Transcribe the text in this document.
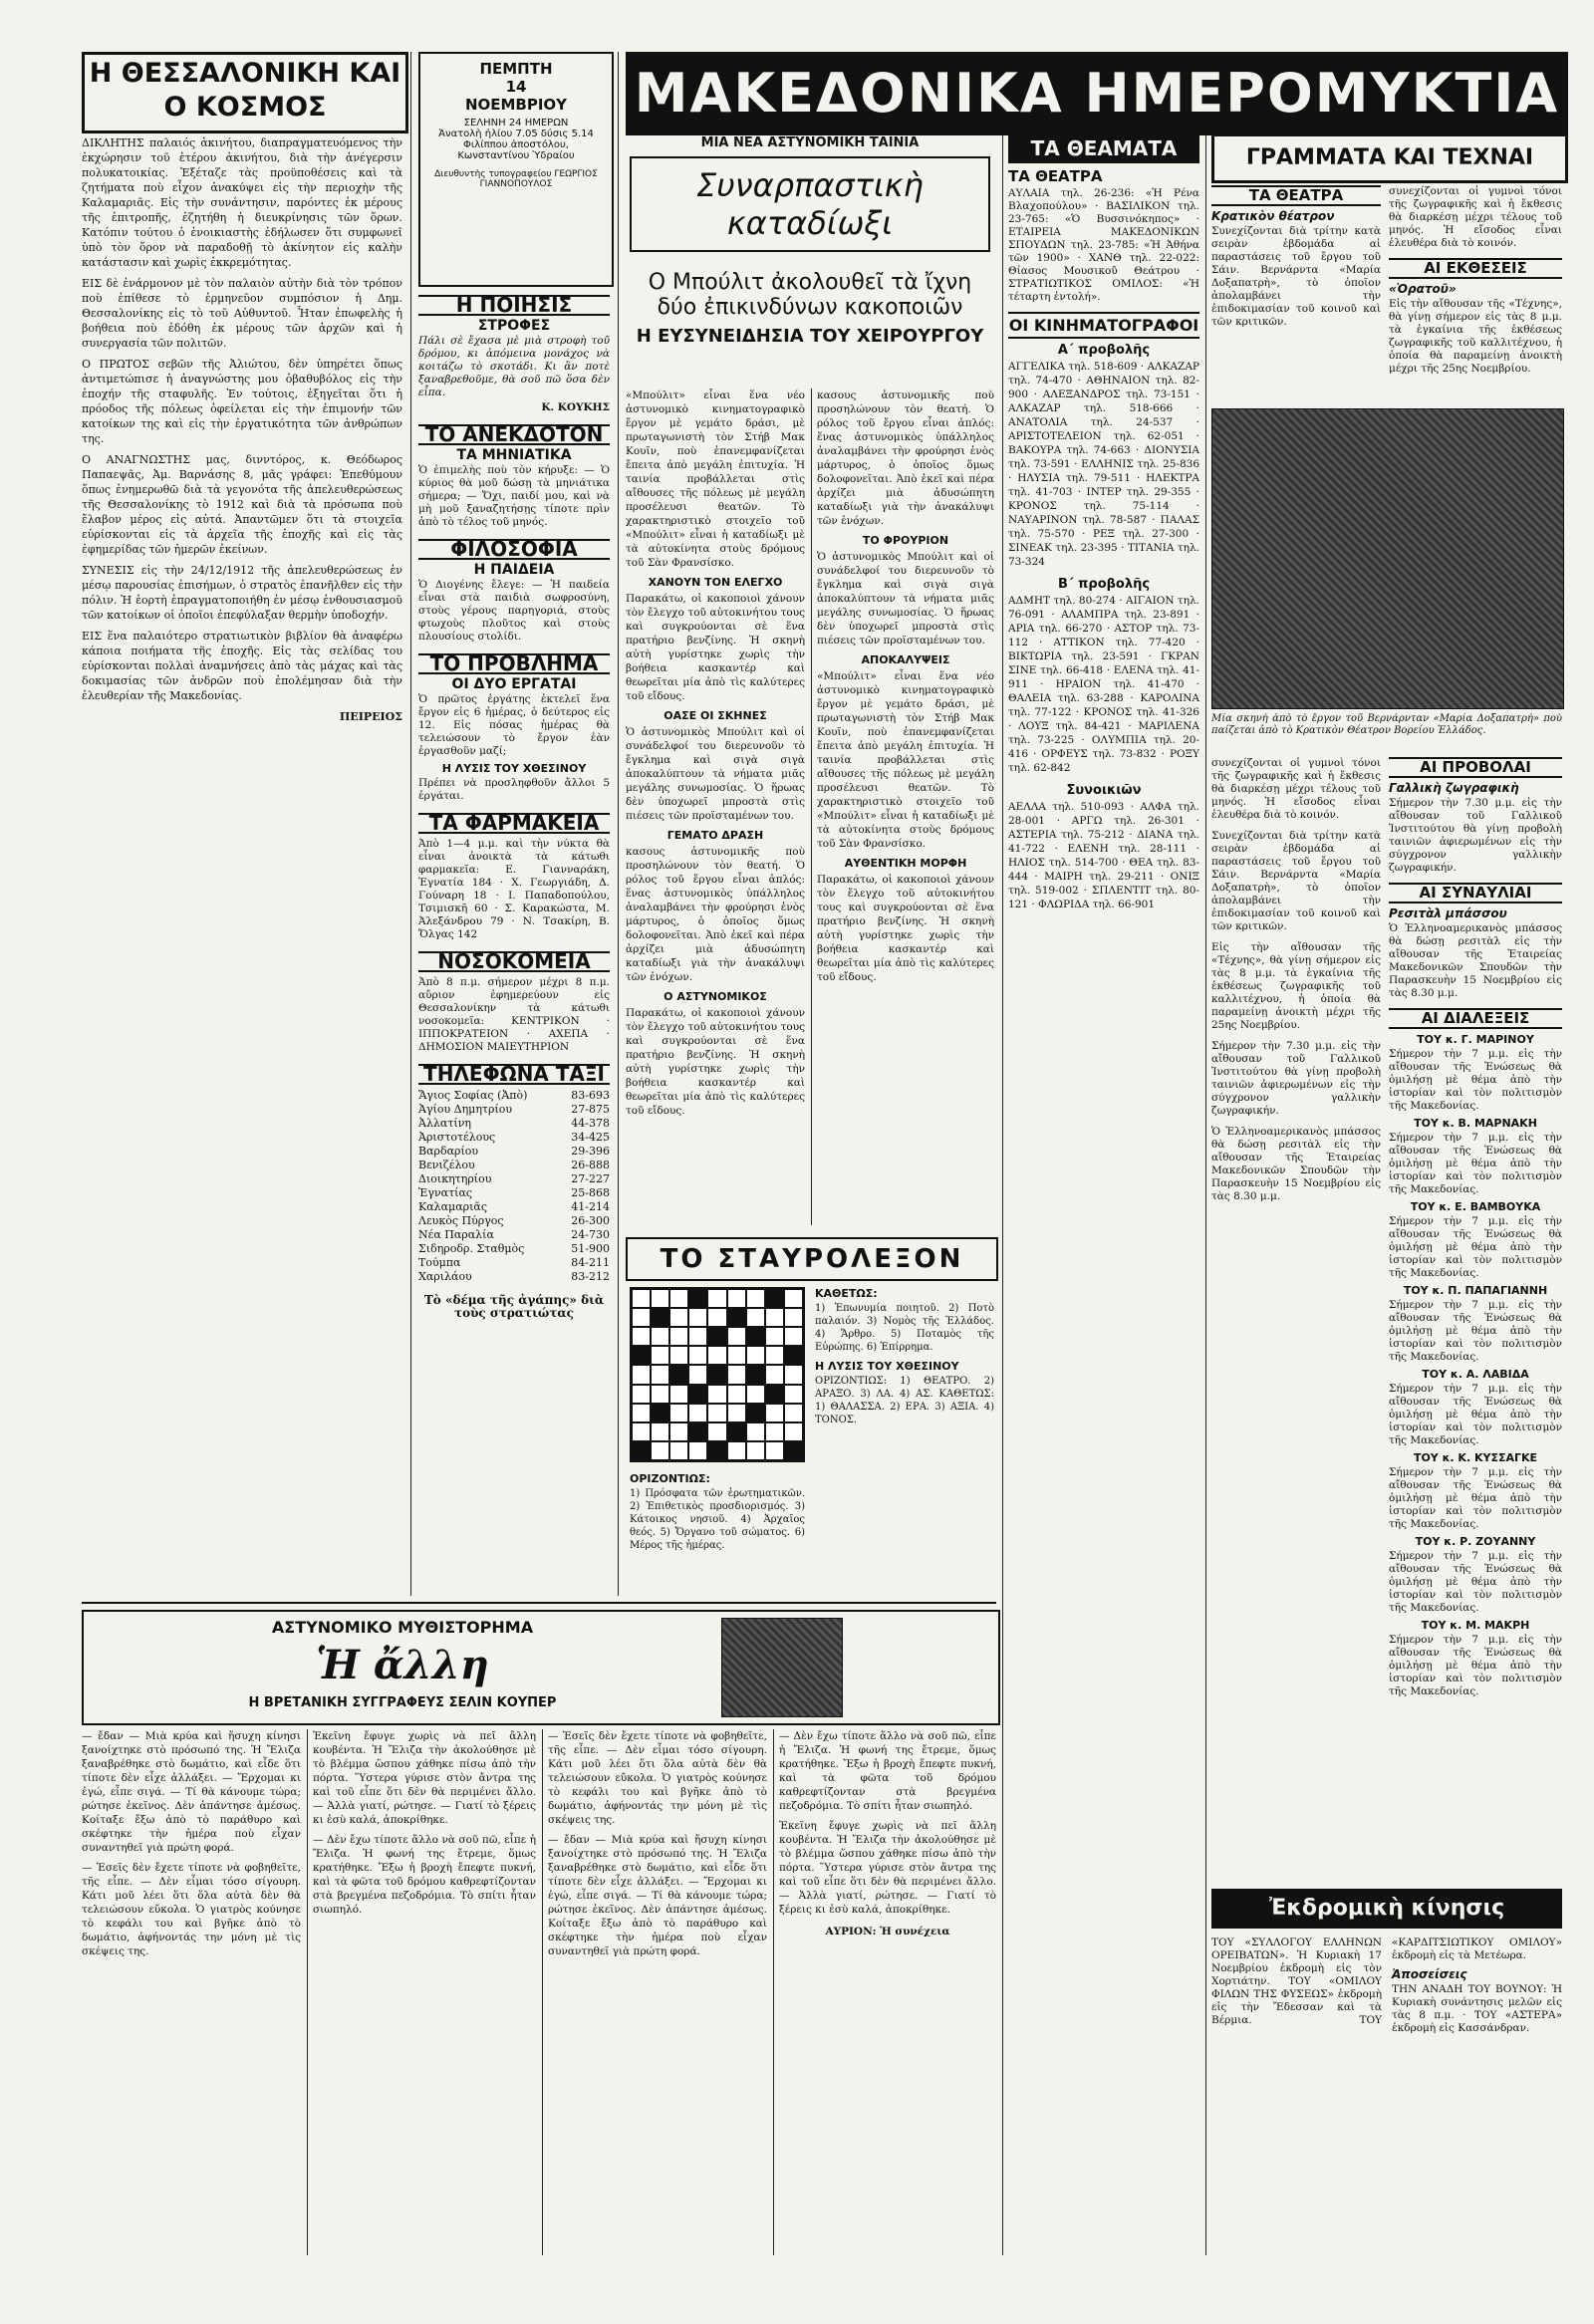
Η ΘΕΣΣΑΛΟΝΙΚΗ ΚΑΙ Ο ΚΟΣΜΟΣ

ΔΙΚΛΗΤΗΣ παλαιός ἀκινήτου, διαπραγματευόμενος τὴν ἐκχώρησιν τοῦ ἑτέρου ἀκινήτου, διὰ τὴν ἀνέγερσιν πολυκατοικίας. Ἐξέταζε τὰς προϋποθέσεις καὶ τὰ ζητήματα ποὺ εἶχον ἀνακύψει εἰς τὴν περιοχὴν τῆς Καλαμαριᾶς. Εἰς τὴν συνάντησιν, παρόντες ἐκ μέρους τῆς ἐπιτροπῆς, ἐζητήθη ἡ διευκρίνησις τῶν ὅρων. Κατόπιν τούτου ὁ ἐνοικιαστὴς ἐδήλωσεν ὅτι συμφωνεῖ ὑπὸ τὸν ὅρον νὰ παραδοθῇ τὸ ἀκίνητον εἰς καλὴν κατάστασιν καὶ χωρὶς ἐκκρεμότητας.

ΕΙΣ δὲ ἐνάρμονον μὲ τὸν παλαιὸν αὐτὴν διὰ τὸν τρόπον ποὺ ἐπίθεσε τὸ ἑρμηνεῦον συμπόσιον ἡ Δημ. Θεσσαλονίκης εἰς τὸ τοῦ Αὐθυντοῦ. Ἦταν ἐπωφελὴς ἡ βοήθεια ποὺ ἐδόθη ἐκ μέρους τῶν ἀρχῶν καὶ ἡ συνεργασία τῶν πολιτῶν.

Ο ΠΡΩΤΟΣ σεβῶν τῆς Ἀλιώτου, δὲν ὑπηρέτει ὅπως ἀντιμετώπισε ἡ ἀναγνώστης μου ὁβαθυβόλος εἰς τὴν ἐποχήν τῆς σταφυλῆς. Ἐν τούτοις, ἐξηγεῖται ὅτι ἡ πρόοδος τῆς πόλεως ὀφείλεται εἰς τὴν ἐπιμονήν τῶν κατοίκων της καὶ εἰς τὴν ἐργατικότητα τῶν ἀνθρώπων της.

Ο ΑΝΑΓΝΩΣΤΗΣ μας, δινντόρος, κ. Θεόδωρος Παπαεψᾶς, Ἀμ. Βαρνάσης 8, μᾶς γράφει: Ἐπεθύμουν ὅπως ἐνημερωθῶ διὰ τὰ γεγονότα τῆς ἀπελευθερώσεως τῆς Θεσσαλονίκης τὸ 1912 καὶ διὰ τὰ πρόσωπα ποὺ ἔλαβον μέρος εἰς αὐτά. Ἀπαντῶμεν ὅτι τὰ στοιχεῖα εὑρίσκονται εἰς τὰ ἀρχεῖα τῆς ἐποχῆς καὶ εἰς τὰς ἐφημερίδας τῶν ἡμερῶν ἐκείνων.

ΣΥΝΕΣΙΣ εἰς τὴν 24/12/1912 τῆς ἀπελευθερώσεως ἐν μέσῳ παρουσίας ἐπισήμων, ὁ στρατὸς ἐπανῆλθεν εἰς τὴν πόλιν. Ἡ ἑορτὴ ἐπραγματοποιήθη ἐν μέσῳ ἐνθουσιασμοῦ τῶν κατοίκων οἱ ὁποῖοι ἐπεφύλαξαν θερμὴν ὑποδοχήν.

ΕΙΣ ἕνα παλαιότερο στρατιωτικὸν βιβλίον θὰ ἀναφέρω κάποια ποιήματα τῆς ἐποχῆς. Εἰς τὰς σελίδας του εὑρίσκονται πολλαὶ ἀναμνήσεις ἀπὸ τὰς μάχας καὶ τὰς δοκιμασίας τῶν ἀνδρῶν ποὺ ἐπολέμησαν διὰ τὴν ἐλευθερίαν τῆς Μακεδονίας.

ΠΕΙΡΕΙΟΣ

ΠΕΜΠΤΗ
14
ΝΟΕΜΒΡΙΟΥ
ΣΕΛΗΝΗ 24 ΗΜΕΡΩΝ
Ἀνατολὴ ἡλίου 7.05 δύσις 5.14
Φιλίππου ἀποστόλου, Κωνσταντίνου Ὑδραίου
Διευθυντὴς τυπογραφείου ΓΕΩΡΓΙΟΣ ΓΙΑΝΝΟΠΟΥΛΟΣ
Η ΠΟΙΗΣΙΣ
ΣΤΡΟΦΕΣ

Πάλι σὲ ἔχασα μὲ μιὰ στροφὴ τοῦ δρόμου, κι ἀπόμεινα μονάχος νὰ κοιτάζω τὸ σκοτάδι. Κι ἂν ποτὲ ξαναβρεθοῦμε, θὰ σοῦ πῶ ὅσα δὲν εἶπα.

Κ. ΚΟΥΚΗΣ

ΤΟ ΑΝΕΚΔΟΤΟΝ
ΤΑ ΜΗΝΙΑΤΙΚΑ

Ὁ ἐπιμελὴς ποὺ τὸν κήρυξε: — Ὁ κύριος θὰ μοῦ δώσῃ τὰ μηνιάτικα σήμερα; — Ὄχι, παιδί μου, καὶ νὰ μὴ μοῦ ξαναζητήσῃς τίποτε πρὶν ἀπὸ τὸ τέλος τοῦ μηνός.

ΦΙΛΟΣΟΦΙΑ
Η ΠΑΙΔΕΙΑ

Ὁ Διογένης ἔλεγε: — Ἡ παιδεία εἶναι στὰ παιδιὰ σωφροσύνη, στοὺς γέρους παρηγοριά, στοὺς φτωχοὺς πλοῦτος καὶ στοὺς πλουσίους στολίδι.

ΤΟ ΠΡΟΒΛΗΜΑ
ΟΙ ΔΥΟ ΕΡΓΑΤΑΙ

Ὁ πρῶτος ἐργάτης ἐκτελεῖ ἕνα ἔργον εἰς 6 ἡμέρας, ὁ δεύτερος εἰς 12. Εἰς πόσας ἡμέρας θὰ τελειώσουν τὸ ἔργον ἐὰν ἐργασθοῦν μαζί;

Η ΛΥΣΙΣ ΤΟΥ ΧΘΕΣΙΝΟΥ

Πρέπει νὰ προσληφθοῦν ἄλλοι 5 ἐργάται.

ΤΑ ΦΑΡΜΑΚΕΙΑ

Ἀπὸ 1—4 μ.μ. καὶ τὴν νύκτα θὰ εἶναι ἀνοικτὰ τὰ κάτωθι φαρμακεῖα: Ε. Γιανναράκη, Ἐγνατία 184 · Χ. Γεωργιάδη, Δ. Γούναρη 18 · Ι. Παπαδοπούλου, Τσιμισκῆ 60 · Σ. Καρακώστα, Μ. Ἀλεξάνδρου 79 · Ν. Τσακίρη, Β. Ὄλγας 142

ΝΟΣΟΚΟΜΕΙΑ

Ἀπὸ 8 π.μ. σήμερον μέχρι 8 π.μ. αὔριον ἐφημερεύουν εἰς Θεσσαλονίκην τὰ κάτωθι νοσοκομεῖα: ΚΕΝΤΡΙΚΟΝ · ΙΠΠΟΚΡΑΤΕΙΟΝ · ΑΧΕΠΑ · ΔΗΜΟΣΙΟΝ ΜΑΙΕΥΤΗΡΙΟΝ

ΤΗΛΕΦΩΝΑ ΤΑΞΙ
Ἅγιος Σοφίας (Ἀπὸ)	83-693
Ἀγίου Δημητρίου	27-875
Ἀλλατίνη	44-378
Ἀριστοτέλους	34-425
Βαρδαρίου	29-396
Βενιζέλου	26-888
Διοικητηρίου	27-227
Ἐγνατίας	25-868
Καλαμαριᾶς	41-214
Λευκὸς Πύργος	26-300
Νέα Παραλία	24-730
Σιδηροδρ. Σταθμὸς	51-900
Τούμπα	84-211
Χαριλάου	83-212

Τὸ «δέμα τῆς ἀγάπης» διὰ τοὺς στρατιώτας

ΜΑΚΕΔΟΝΙΚΑ ΗΜΕΡΟΜΥΚΤΙΑ
ΜΙΑ ΝΕΑ ΑΣΤΥΝΟΜΙΚΗ ΤΑΙΝΙΑ
Συναρπαστικὴ καταδίωξι
Ο Μπούλιτ ἀκολουθεῖ τὰ ἴχνη
δύο ἐπικινδύνων κακοποιῶν
Η ΕΥΣΥΝΕΙΔΗΣΙΑ ΤΟΥ ΧΕΙΡΟΥΡΓΟΥ

«Μπούλιτ» εἶναι ἕνα νέο ἀστυνομικὸ κινηματογραφικὸ ἔργον μὲ γεμάτο δράσι, μὲ πρωταγωνιστὴ τὸν Στήβ Μακ Κουῖν, ποὺ ἐπανεμφανίζεται ἔπειτα ἀπὸ μεγάλη ἐπιτυχία. Ἡ ταινία προβάλλεται στὶς αἴθουσες τῆς πόλεως μὲ μεγάλη προσέλευσι θεατῶν. Τὸ χαρακτηριστικὸ στοιχεῖο τοῦ «Μπούλιτ» εἶναι ἡ καταδίωξι μὲ τὰ αὐτοκίνητα στοὺς δρόμους τοῦ Σὰν Φρανσίσκο.

ΧΑΝΟΥΝ ΤΟΝ ΕΛΕΓΧΟ

Παρακάτω, οἱ κακοποιοὶ χάνουν τὸν ἔλεγχο τοῦ αὐτοκινήτου τους καὶ συγκρούονται σὲ ἕνα πρατήριο βενζίνης. Ἡ σκηνὴ αὐτὴ γυρίστηκε χωρὶς τὴν βοήθεια κασκαντέρ καὶ θεωρεῖται μία ἀπὸ τὶς καλύτερες τοῦ εἴδους.

ΟΑΣΕ ΟΙ ΣΚΗΝΕΣ

Ὁ ἀστυνομικὸς Μπούλιτ καὶ οἱ συνάδελφοί του διερευνοῦν τὸ ἔγκλημα καὶ σιγὰ σιγὰ ἀποκαλύπτουν τὰ νήματα μιᾶς μεγάλης συνωμοσίας. Ὁ ἥρωας δὲν ὑποχωρεῖ μπροστὰ στὶς πιέσεις τῶν προϊσταμένων του.

ΓΕΜΑΤΟ ΔΡΑΣΗ

κασους ἀστυνομικῆς ποὺ προσηλώνουν τὸν θεατή. Ὁ ρόλος τοῦ ἔργου εἶναι ἁπλός: ἕνας ἀστυνομικὸς ὑπάλληλος ἀναλαμβάνει τὴν φρούρησι ἑνὸς μάρτυρος, ὁ ὁποῖος ὅμως δολοφονεῖται. Ἀπὸ ἐκεῖ καὶ πέρα ἀρχίζει μιὰ ἀδυσώπητη καταδίωξι γιὰ τὴν ἀνακάλυψι τῶν ἐνόχων.

Ο ΑΣΤΥΝΟΜΙΚΟΣ

Παρακάτω, οἱ κακοποιοὶ χάνουν τὸν ἔλεγχο τοῦ αὐτοκινήτου τους καὶ συγκρούονται σὲ ἕνα πρατήριο βενζίνης. Ἡ σκηνὴ αὐτὴ γυρίστηκε χωρὶς τὴν βοήθεια κασκαντέρ καὶ θεωρεῖται μία ἀπὸ τὶς καλύτερες τοῦ εἴδους.

κασους ἀστυνομικῆς ποὺ προσηλώνουν τὸν θεατή. Ὁ ρόλος τοῦ ἔργου εἶναι ἁπλός: ἕνας ἀστυνομικὸς ὑπάλληλος ἀναλαμβάνει τὴν φρούρησι ἑνὸς μάρτυρος, ὁ ὁποῖος ὅμως δολοφονεῖται. Ἀπὸ ἐκεῖ καὶ πέρα ἀρχίζει μιὰ ἀδυσώπητη καταδίωξι γιὰ τὴν ἀνακάλυψι τῶν ἐνόχων.

ΤΟ ΦΡΟΥΡΙΟΝ

Ὁ ἀστυνομικὸς Μπούλιτ καὶ οἱ συνάδελφοί του διερευνοῦν τὸ ἔγκλημα καὶ σιγὰ σιγὰ ἀποκαλύπτουν τὰ νήματα μιᾶς μεγάλης συνωμοσίας. Ὁ ἥρωας δὲν ὑποχωρεῖ μπροστὰ στὶς πιέσεις τῶν προϊσταμένων του.

ΑΠΟΚΑΛΥΨΕΙΣ

«Μπούλιτ» εἶναι ἕνα νέο ἀστυνομικὸ κινηματογραφικὸ ἔργον μὲ γεμάτο δράσι, μὲ πρωταγωνιστὴ τὸν Στήβ Μακ Κουῖν, ποὺ ἐπανεμφανίζεται ἔπειτα ἀπὸ μεγάλη ἐπιτυχία. Ἡ ταινία προβάλλεται στὶς αἴθουσες τῆς πόλεως μὲ μεγάλη προσέλευσι θεατῶν. Τὸ χαρακτηριστικὸ στοιχεῖο τοῦ «Μπούλιτ» εἶναι ἡ καταδίωξι μὲ τὰ αὐτοκίνητα στοὺς δρόμους τοῦ Σὰν Φρανσίσκο.

ΑΥΘΕΝΤΙΚΗ ΜΟΡΦΗ

Παρακάτω, οἱ κακοποιοὶ χάνουν τὸν ἔλεγχο τοῦ αὐτοκινήτου τους καὶ συγκρούονται σὲ ἕνα πρατήριο βενζίνης. Ἡ σκηνὴ αὐτὴ γυρίστηκε χωρὶς τὴν βοήθεια κασκαντέρ καὶ θεωρεῖται μία ἀπὸ τὶς καλύτερες τοῦ εἴδους.

ΤΟ ΣΤΑΥΡΟΛΕΞΟΝ
ΚΑΘΕΤΩΣ:

1) Ἐπωνυμία ποιητοῦ. 2) Ποτὸ παλαιόν. 3) Νομὸς τῆς Ἑλλάδος. 4) Ἄρθρο. 5) Ποταμὸς τῆς Εὐρώπης. 6) Ἐπίρρημα.

Η ΛΥΣΙΣ ΤΟΥ ΧΘΕΣΙΝΟΥ

ΟΡΙΖΟΝΤΙΩΣ: 1) ΘΕΑΤΡΟ. 2) ΑΡΑΞΟ. 3) ΛΑ. 4) ΑΣ. ΚΑΘΕΤΩΣ: 1) ΘΑΛΑΣΣΑ. 2) ΕΡΑ. 3) ΑΞΙΑ. 4) ΤΟΝΟΣ.

ΟΡΙΖΟΝΤΙΩΣ:

1) Πρόσφατα τῶν ἐρωτηματικῶν. 2) Ἐπιθετικὸς προσδιορισμός. 3) Κάτοικος νησιοῦ. 4) Ἀρχαῖος θεός. 5) Ὄργανο τοῦ σώματος. 6) Μέρος τῆς ἡμέρας.

ΤΑ ΘΕΑΜΑΤΑ
ΤΑ ΘΕΑΤΡΑ

ΑΥΛΑΙΑ τηλ. 26-236: «Ἡ Ρένα Βλαχοπούλου» · ΒΑΣΙΛΙΚΟΝ τηλ. 23-765: «Ὁ Βυσσινόκηπος» · ΕΤΑΙΡΕΙΑ ΜΑΚΕΔΟΝΙΚΩΝ ΣΠΟΥΔΩΝ τηλ. 23-785: «Ἡ Ἀθήνα τῶν 1900» · ΧΑΝΘ τηλ. 22-022: Θίασος Μουσικοῦ Θεάτρου · ΣΤΡΑΤΙΩΤΙΚΟΣ ΟΜΙΛΟΣ: «Ἡ τέταρτη ἐντολή».

ΟΙ ΚΙΝΗΜΑΤΟΓΡΑΦΟΙ
Α΄ προβολῆς

ΑΓΓΕΛΙΚΑ τηλ. 518-609 · ΑΛΚΑΖΑΡ τηλ. 74-470 · ΑΘΗΝΑΙΟΝ τηλ. 82-900 · ΑΛΕΞΑΝΔΡΟΣ τηλ. 73-151 · ΑΛΚΑΖΑΡ τηλ. 518-666 · ΑΝΑΤΟΛΙΑ τηλ. 24-537 · ΑΡΙΣΤΟΤΕΛΕΙΟΝ τηλ. 62-051 · ΒΑΚΟΥΡΑ τηλ. 74-663 · ΔΙΟΝΥΣΙΑ τηλ. 73-591 · ΕΛΛΗΝΙΣ τηλ. 25-836 · ΗΛΥΣΙΑ τηλ. 79-511 · ΗΛΕΚΤΡΑ τηλ. 41-703 · ΙΝΤΕΡ τηλ. 29-355 · ΚΡΟΝΟΣ τηλ. 75-114 · ΝΑΥΑΡΙΝΟΝ τηλ. 78-587 · ΠΑΛΑΣ τηλ. 75-570 · ΡΕΞ τηλ. 27-300 · ΣΙΝΕΑΚ τηλ. 23-395 · ΤΙΤΑΝΙΑ τηλ. 73-324

Β΄ προβολῆς

ΑΔΜΗΤ τηλ. 80-274 · ΑΙΓΑΙΟΝ τηλ. 76-091 · ΑΛΑΜΠΡΑ τηλ. 23-891 · ΑΡΙΑ τηλ. 66-270 · ΑΣΤΟΡ τηλ. 73-112 · ΑΤΤΙΚΟΝ τηλ. 77-420 · ΒΙΚΤΩΡΙΑ τηλ. 23-591 · ΓΚΡΑΝ ΣΙΝΕ τηλ. 66-418 · ΕΛΕΝΑ τηλ. 41-911 · ΗΡΑΙΟΝ τηλ. 41-470 · ΘΑΛΕΙΑ τηλ. 63-288 · ΚΑΡΟΛΙΝΑ τηλ. 77-122 · ΚΡΟΝΟΣ τηλ. 41-326 · ΛΟΥΞ τηλ. 84-421 · ΜΑΡΙΛΕΝΑ τηλ. 73-225 · ΟΛΥΜΠΙΑ τηλ. 20-416 · ΟΡΦΕΥΣ τηλ. 73-832 · ΡΟΞΥ τηλ. 62-842

Συνοικιῶν

ΑΕΛΛΑ τηλ. 510-093 · ΑΛΦΑ τηλ. 28-001 · ΑΡΓΩ τηλ. 26-301 · ΑΣΤΕΡΙΑ τηλ. 75-212 · ΔΙΑΝΑ τηλ. 41-722 · ΕΛΕΝΗ τηλ. 28-111 · ΗΛΙΟΣ τηλ. 514-700 · ΘΕΑ τηλ. 83-444 · ΜΑΙΡΗ τηλ. 29-211 · ΟΝΙΞ τηλ. 519-002 · ΣΠΛΕΝΤΙΤ τηλ. 80-121 · ΦΛΩΡΙΔΑ τηλ. 66-901

ΓΡΑΜΜΑΤΑ ΚΑΙ ΤΕΧΝΑΙ
ΤΑ ΘΕΑΤΡΑ
Κρατικὸν θέατρον

Συνεχίζονται διὰ τρίτην κατὰ σειρὰν ἑβδομάδα αἱ παραστάσεις τοῦ ἔργου τοῦ Σάιν. Βερνάρντα «Μαρία Δοξαπατρὴ», τὸ ὁποῖον ἀπολαμβάνει τὴν ἐπιδοκιμασίαν τοῦ κοινοῦ καὶ τῶν κριτικῶν.

συνεχίζονται οἱ γυμνοὶ τόνοι τῆς ζωγραφικῆς καὶ ἡ ἔκθεσις θὰ διαρκέσῃ μέχρι τέλους τοῦ μηνός. Ἡ εἴσοδος εἶναι ἐλευθέρα διὰ τὸ κοινόν.

ΑΙ ΕΚΘΕΣΕΙΣ
«Ὁρατοῦ»

Εἰς τὴν αἴθουσαν τῆς «Τέχνης», θὰ γίνῃ σήμερον εἰς τὰς 8 μ.μ. τὰ ἐγκαίνια τῆς ἐκθέσεως ζωγραφικῆς τοῦ καλλιτέχνου, ἡ ὁποία θὰ παραμείνῃ ἀνοικτὴ μέχρι τῆς 25ης Νοεμβρίου.

Μία σκηνὴ ἀπὸ τὸ ἔργον τοῦ Βερνάρνταν «Μαρία Δοξαπατρή» ποὺ παίζεται ἀπὸ τὸ Κρατικὸν Θέατρον Βορείου Ἑλλάδος.

συνεχίζονται οἱ γυμνοὶ τόνοι τῆς ζωγραφικῆς καὶ ἡ ἔκθεσις θὰ διαρκέσῃ μέχρι τέλους τοῦ μηνός. Ἡ εἴσοδος εἶναι ἐλευθέρα διὰ τὸ κοινόν.

Συνεχίζονται διὰ τρίτην κατὰ σειρὰν ἑβδομάδα αἱ παραστάσεις τοῦ ἔργου τοῦ Σάιν. Βερνάρντα «Μαρία Δοξαπατρὴ», τὸ ὁποῖον ἀπολαμβάνει τὴν ἐπιδοκιμασίαν τοῦ κοινοῦ καὶ τῶν κριτικῶν.

Εἰς τὴν αἴθουσαν τῆς «Τέχνης», θὰ γίνῃ σήμερον εἰς τὰς 8 μ.μ. τὰ ἐγκαίνια τῆς ἐκθέσεως ζωγραφικῆς τοῦ καλλιτέχνου, ἡ ὁποία θὰ παραμείνῃ ἀνοικτὴ μέχρι τῆς 25ης Νοεμβρίου.

Σήμερον τὴν 7.30 μ.μ. εἰς τὴν αἴθουσαν τοῦ Γαλλικοῦ Ἰνστιτούτου θὰ γίνῃ προβολὴ ταινιῶν ἀφιερωμένων εἰς τὴν σύγχρονον γαλλικὴν ζωγραφικήν.

Ὁ Ἑλληνοαμερικανὸς μπάσσος θὰ δώσῃ ρεσιτὰλ εἰς τὴν αἴθουσαν τῆς Ἑταιρείας Μακεδονικῶν Σπουδῶν τὴν Παρασκευὴν 15 Νοεμβρίου εἰς τὰς 8.30 μ.μ.

ΑΙ ΠΡΟΒΟΛΑΙ
Γαλλικὴ ζωγραφικὴ

Σήμερον τὴν 7.30 μ.μ. εἰς τὴν αἴθουσαν τοῦ Γαλλικοῦ Ἰνστιτούτου θὰ γίνῃ προβολὴ ταινιῶν ἀφιερωμένων εἰς τὴν σύγχρονον γαλλικὴν ζωγραφικήν.

ΑΙ ΣΥΝΑΥΛΙΑΙ
Ρεσιτὰλ μπάσσου

Ὁ Ἑλληνοαμερικανὸς μπάσσος θὰ δώσῃ ρεσιτὰλ εἰς τὴν αἴθουσαν τῆς Ἑταιρείας Μακεδονικῶν Σπουδῶν τὴν Παρασκευὴν 15 Νοεμβρίου εἰς τὰς 8.30 μ.μ.

ΑΙ ΔΙΑΛΕΞΕΙΣ
ΤΟΥ κ. Γ. ΜΑΡΙΝΟΥ

Σήμερον τὴν 7 μ.μ. εἰς τὴν αἴθουσαν τῆς Ἑνώσεως θὰ ὁμιλήσῃ μὲ θέμα ἀπὸ τὴν ἱστορίαν καὶ τὸν πολιτισμὸν τῆς Μακεδονίας.

ΤΟΥ κ. Β. ΜΑΡΝΑΚΗ

Σήμερον τὴν 7 μ.μ. εἰς τὴν αἴθουσαν τῆς Ἑνώσεως θὰ ὁμιλήσῃ μὲ θέμα ἀπὸ τὴν ἱστορίαν καὶ τὸν πολιτισμὸν τῆς Μακεδονίας.

ΤΟΥ κ. Ε. ΒΑΜΒΟΥΚΑ

Σήμερον τὴν 7 μ.μ. εἰς τὴν αἴθουσαν τῆς Ἑνώσεως θὰ ὁμιλήσῃ μὲ θέμα ἀπὸ τὴν ἱστορίαν καὶ τὸν πολιτισμὸν τῆς Μακεδονίας.

ΤΟΥ κ. Π. ΠΑΠΑΓΙΑΝΝΗ

Σήμερον τὴν 7 μ.μ. εἰς τὴν αἴθουσαν τῆς Ἑνώσεως θὰ ὁμιλήσῃ μὲ θέμα ἀπὸ τὴν ἱστορίαν καὶ τὸν πολιτισμὸν τῆς Μακεδονίας.

ΤΟΥ κ. Α. ΛΑΒΙΔΑ

Σήμερον τὴν 7 μ.μ. εἰς τὴν αἴθουσαν τῆς Ἑνώσεως θὰ ὁμιλήσῃ μὲ θέμα ἀπὸ τὴν ἱστορίαν καὶ τὸν πολιτισμὸν τῆς Μακεδονίας.

ΤΟΥ κ. Κ. ΚΥΣΣΑΓΚΕ

Σήμερον τὴν 7 μ.μ. εἰς τὴν αἴθουσαν τῆς Ἑνώσεως θὰ ὁμιλήσῃ μὲ θέμα ἀπὸ τὴν ἱστορίαν καὶ τὸν πολιτισμὸν τῆς Μακεδονίας.

ΤΟΥ κ. Ρ. ΖΟΥΑΝΝΥ

Σήμερον τὴν 7 μ.μ. εἰς τὴν αἴθουσαν τῆς Ἑνώσεως θὰ ὁμιλήσῃ μὲ θέμα ἀπὸ τὴν ἱστορίαν καὶ τὸν πολιτισμὸν τῆς Μακεδονίας.

ΤΟΥ κ. Μ. ΜΑΚΡΗ

Σήμερον τὴν 7 μ.μ. εἰς τὴν αἴθουσαν τῆς Ἑνώσεως θὰ ὁμιλήσῃ μὲ θέμα ἀπὸ τὴν ἱστορίαν καὶ τὸν πολιτισμὸν τῆς Μακεδονίας.

Ἐκδρομικὴ κίνησις

ΤΟΥ «ΣΥΛΛΟΓΟΥ ΕΛΛΗΝΩΝ ΟΡΕΙΒΑΤΩΝ». Ἡ Κυριακὴ 17 Νοεμβρίου ἐκδρομὴ εἰς τὸν Χορτιάτην. ΤΟΥ «ΟΜΙΛΟΥ ΦΙΛΩΝ ΤΗΣ ΦΥΣΕΩΣ» ἐκδρομὴ εἰς τὴν Ἔδεσσαν καὶ τὰ Βέρμια. ΤΟΥ «ΚΑΡΔΙΤΣΙΩΤΙΚΟΥ ΟΜΙΛΟΥ» ἐκδρομὴ εἰς τὰ Μετέωρα.

Ἀποσείσεις

ΤΗΝ ΑΝΑΔΗ ΤΟΥ ΒΟΥΝΟΥ: Ἡ Κυριακὴ συνάντησις μελῶν εἰς τὰς 8 π.μ. · ΤΟΥ «ΑΣΤΕΡΑ» ἐκδρομὴ εἰς Κασσάνδραν.

ΑΣΤΥΝΟΜΙΚΟ ΜΥΘΙΣΤΟΡΗΜΑ
Ἡ ἄλλη
Η ΒΡΕΤΑΝΙΚΗ ΣΥΓΓΡΑΦΕΥΣ ΣΕΛΙΝ ΚΟΥΠΕΡ

— ἔδαν — Μιὰ κρύα καὶ ἥσυχη κίνησι ξανοίχτηκε στὸ πρόσωπό της. Ἡ Ἔλιζα ξαναβρέθηκε στὸ δωμάτιο, καὶ εἶδε ὅτι τίποτε δὲν εἶχε ἀλλάξει. — Ἔρχομαι κι ἐγώ, εἶπε σιγά. — Τί θὰ κάνουμε τώρα; ρώτησε ἐκεῖνος. Δὲν ἀπάντησε ἀμέσως. Κοίταξε ἔξω ἀπὸ τὸ παράθυρο καὶ σκέφτηκε τὴν ἡμέρα ποὺ εἶχαν συναντηθεῖ γιὰ πρώτη φορά.

— Ἐσεῖς δὲν ἔχετε τίποτε νὰ φοβηθεῖτε, τῆς εἶπε. — Δὲν εἶμαι τόσο σίγουρη. Κάτι μοῦ λέει ὅτι ὅλα αὐτὰ δὲν θὰ τελειώσουν εὔκολα. Ὁ γιατρὸς κούνησε τὸ κεφάλι του καὶ βγῆκε ἀπὸ τὸ δωμάτιο, ἀφήνοντάς την μόνη μὲ τὶς σκέψεις της.

Ἐκεῖνη ἔφυγε χωρὶς νὰ πεῖ ἄλλη κουβέντα. Ἡ Ἔλιζα τὴν ἀκολούθησε μὲ τὸ βλέμμα ὥσπου χάθηκε πίσω ἀπὸ τὴν πόρτα. Ὕστερα γύρισε στὸν ἄντρα της καὶ τοῦ εἶπε ὅτι δὲν θὰ περιμένει ἄλλο. — Ἀλλὰ γιατί, ρώτησε. — Γιατί τὸ ξέρεις κι ἐσὺ καλά, ἀποκρίθηκε.

— Δὲν ἔχω τίποτε ἄλλο νὰ σοῦ πῶ, εἶπε ἡ Ἔλιζα. Ἡ φωνή της ἔτρεμε, ὅμως κρατήθηκε. Ἔξω ἡ βροχὴ ἔπεφτε πυκνή, καὶ τὰ φῶτα τοῦ δρόμου καθρεφτίζονταν στὰ βρεγμένα πεζοδρόμια. Τὸ σπίτι ἦταν σιωπηλό.

— Ἐσεῖς δὲν ἔχετε τίποτε νὰ φοβηθεῖτε, τῆς εἶπε. — Δὲν εἶμαι τόσο σίγουρη. Κάτι μοῦ λέει ὅτι ὅλα αὐτὰ δὲν θὰ τελειώσουν εὔκολα. Ὁ γιατρὸς κούνησε τὸ κεφάλι του καὶ βγῆκε ἀπὸ τὸ δωμάτιο, ἀφήνοντάς την μόνη μὲ τὶς σκέψεις της.

— ἔδαν — Μιὰ κρύα καὶ ἥσυχη κίνησι ξανοίχτηκε στὸ πρόσωπό της. Ἡ Ἔλιζα ξαναβρέθηκε στὸ δωμάτιο, καὶ εἶδε ὅτι τίποτε δὲν εἶχε ἀλλάξει. — Ἔρχομαι κι ἐγώ, εἶπε σιγά. — Τί θὰ κάνουμε τώρα; ρώτησε ἐκεῖνος. Δὲν ἀπάντησε ἀμέσως. Κοίταξε ἔξω ἀπὸ τὸ παράθυρο καὶ σκέφτηκε τὴν ἡμέρα ποὺ εἶχαν συναντηθεῖ γιὰ πρώτη φορά.

— Δὲν ἔχω τίποτε ἄλλο νὰ σοῦ πῶ, εἶπε ἡ Ἔλιζα. Ἡ φωνή της ἔτρεμε, ὅμως κρατήθηκε. Ἔξω ἡ βροχὴ ἔπεφτε πυκνή, καὶ τὰ φῶτα τοῦ δρόμου καθρεφτίζονταν στὰ βρεγμένα πεζοδρόμια. Τὸ σπίτι ἦταν σιωπηλό.

Ἐκεῖνη ἔφυγε χωρὶς νὰ πεῖ ἄλλη κουβέντα. Ἡ Ἔλιζα τὴν ἀκολούθησε μὲ τὸ βλέμμα ὥσπου χάθηκε πίσω ἀπὸ τὴν πόρτα. Ὕστερα γύρισε στὸν ἄντρα της καὶ τοῦ εἶπε ὅτι δὲν θὰ περιμένει ἄλλο. — Ἀλλὰ γιατί, ρώτησε. — Γιατί τὸ ξέρεις κι ἐσὺ καλά, ἀποκρίθηκε.

ΑΥΡΙΟΝ: Ἡ συνέχεια
